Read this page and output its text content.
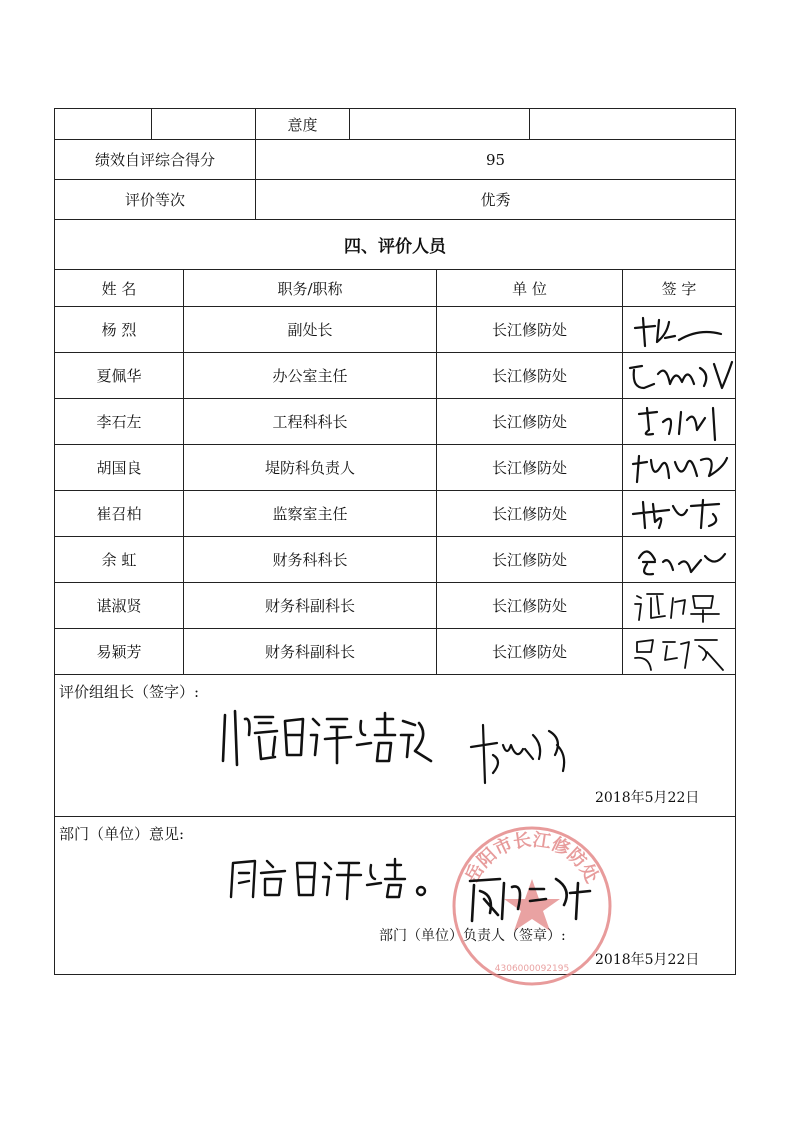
意度
绩效自评综合得分	95
评价等次	优秀
四、评价人员
姓 名	职务/职称	单 位	签 字
杨 烈	副处长	长江修防处
夏佩华	办公室主任	长江修防处
李石左	工程科科长	长江修防处
胡国良	堤防科负责人	长江修防处
崔召柏	监察室主任	长江修防处
余 虹	财务科科长	长江修防处
谌淑贤	财务科副科长	长江修防处
易颖芳	财务科副科长	长江修防处
评价组组长（签字）:
2018年5月22日
部门（单位）意见:
岳阳市长江修防处
4306000092195
部门（单位）负责人（签章）:
2018年5月22日
